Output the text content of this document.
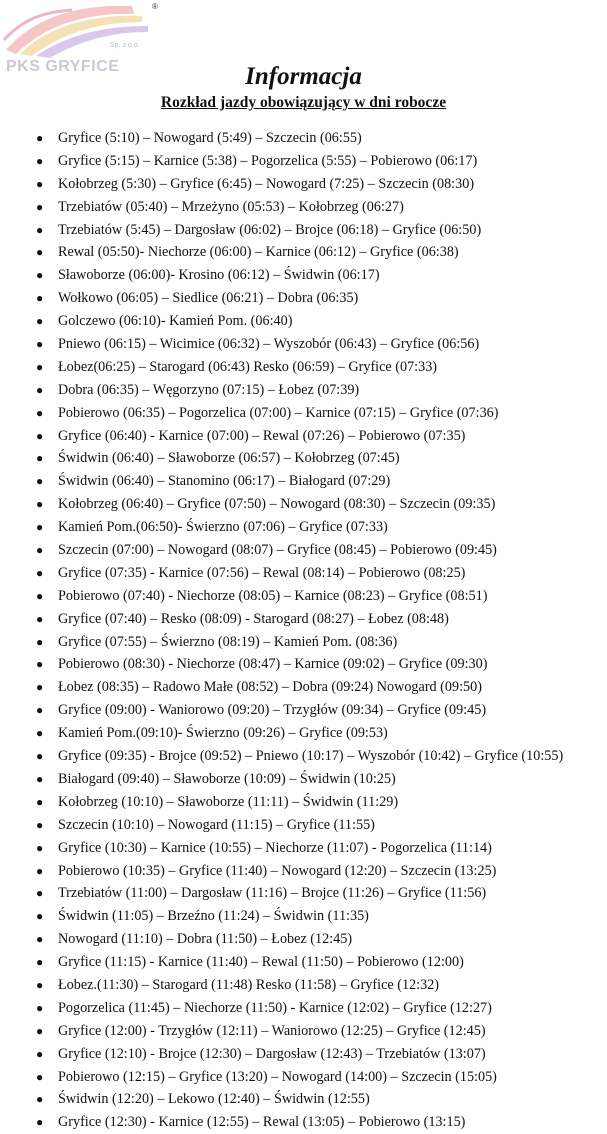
Sp. z o.o.
PKS GRYFICE
®
Informacja
Rozkład jazdy obowiązujący w dni robocze
● Gryfice (5:10) – Nowogard (5:49) – Szczecin (06:55)
● Gryfice (5:15) – Karnice (5:38) – Pogorzelica (5:55) – Pobierowo (06:17)
● Kołobrzeg (5:30) – Gryfice (6:45) – Nowogard (7:25) – Szczecin (08:30)
● Trzebiatów (05:40) – Mrzeżyno (05:53) – Kołobrzeg (06:27)
● Trzebiatów (5:45) – Dargosław (06:02) – Brojce (06:18) – Gryfice (06:50)
● Rewal (05:50)- Niechorze (06:00) – Karnice (06:12) – Gryfice (06:38)
● Sławoborze (06:00)- Krosino (06:12) – Świdwin (06:17)
● Wołkowo (06:05) – Siedlice (06:21) – Dobra (06:35)
● Golczewo (06:10)- Kamień Pom. (06:40)
● Pniewo (06:15) – Wicimice (06:32) – Wyszobór (06:43) – Gryfice (06:56)
● Łobez(06:25) – Starogard (06:43) Resko (06:59) – Gryfice (07:33)
● Dobra (06:35) – Węgorzyno (07:15) – Łobez (07:39)
● Pobierowo (06:35) – Pogorzelica (07:00) – Karnice (07:15) – Gryfice (07:36)
● Gryfice (06:40) - Karnice (07:00) – Rewal (07:26) – Pobierowo (07:35)
● Świdwin (06:40) – Sławoborze (06:57) – Kołobrzeg (07:45)
● Świdwin (06:40) – Stanomino (06:17) – Białogard (07:29)
● Kołobrzeg (06:40) – Gryfice (07:50) – Nowogard (08:30) – Szczecin (09:35)
● Kamień Pom.(06:50)- Świerzno (07:06) – Gryfice (07:33)
● Szczecin (07:00) – Nowogard (08:07) – Gryfice (08:45) – Pobierowo (09:45)
● Gryfice (07:35) - Karnice (07:56) – Rewal (08:14) – Pobierowo (08:25)
● Pobierowo (07:40) - Niechorze (08:05) – Karnice (08:23) – Gryfice (08:51)
● Gryfice (07:40) – Resko (08:09) - Starogard (08:27) – Łobez (08:48)
● Gryfice (07:55) – Świerzno (08:19) – Kamień Pom. (08:36)
● Pobierowo (08:30) - Niechorze (08:47) – Karnice (09:02) – Gryfice (09:30)
● Łobez (08:35) – Radowo Małe (08:52) – Dobra (09:24) Nowogard (09:50)
● Gryfice (09:00) - Waniorowo (09:20) – Trzygłów (09:34) – Gryfice (09:45)
● Kamień Pom.(09:10)- Świerzno (09:26) – Gryfice (09:53)
● Gryfice (09:35) - Brojce (09:52) – Pniewo (10:17) – Wyszobór (10:42) – Gryfice (10:55)
● Białogard (09:40) – Sławoborze (10:09) – Świdwin (10:25)
● Kołobrzeg (10:10) – Sławoborze (11:11) – Świdwin (11:29)
● Szczecin (10:10) – Nowogard (11:15) – Gryfice (11:55)
● Gryfice (10:30) – Karnice (10:55) – Niechorze (11:07) - Pogorzelica (11:14)
● Pobierowo (10:35) – Gryfice (11:40) – Nowogard (12:20) – Szczecin (13:25)
● Trzebiatów (11:00) – Dargosław (11:16) – Brojce (11:26) – Gryfice (11:56)
● Świdwin (11:05) – Brzeźno (11:24) – Świdwin (11:35)
● Nowogard (11:10) – Dobra (11:50) – Łobez (12:45)
● Gryfice (11:15) - Karnice (11:40) – Rewal (11:50) – Pobierowo (12:00)
● Łobez.(11:30) – Starogard (11:48) Resko (11:58) – Gryfice (12:32)
● Pogorzelica (11:45) – Niechorze (11:50) - Karnice (12:02) – Gryfice (12:27)
● Gryfice (12:00) - Trzygłów (12:11) – Waniorowo (12:25) – Gryfice (12:45)
● Gryfice (12:10) - Brojce (12:30) – Dargosław (12:43) – Trzebiatów (13:07)
● Pobierowo (12:15) – Gryfice (13:20) – Nowogard (14:00) – Szczecin (15:05)
● Świdwin (12:20) – Lekowo (12:40) – Świdwin (12:55)
● Gryfice (12:30) - Karnice (12:55) – Rewal (13:05) – Pobierowo (13:15)
